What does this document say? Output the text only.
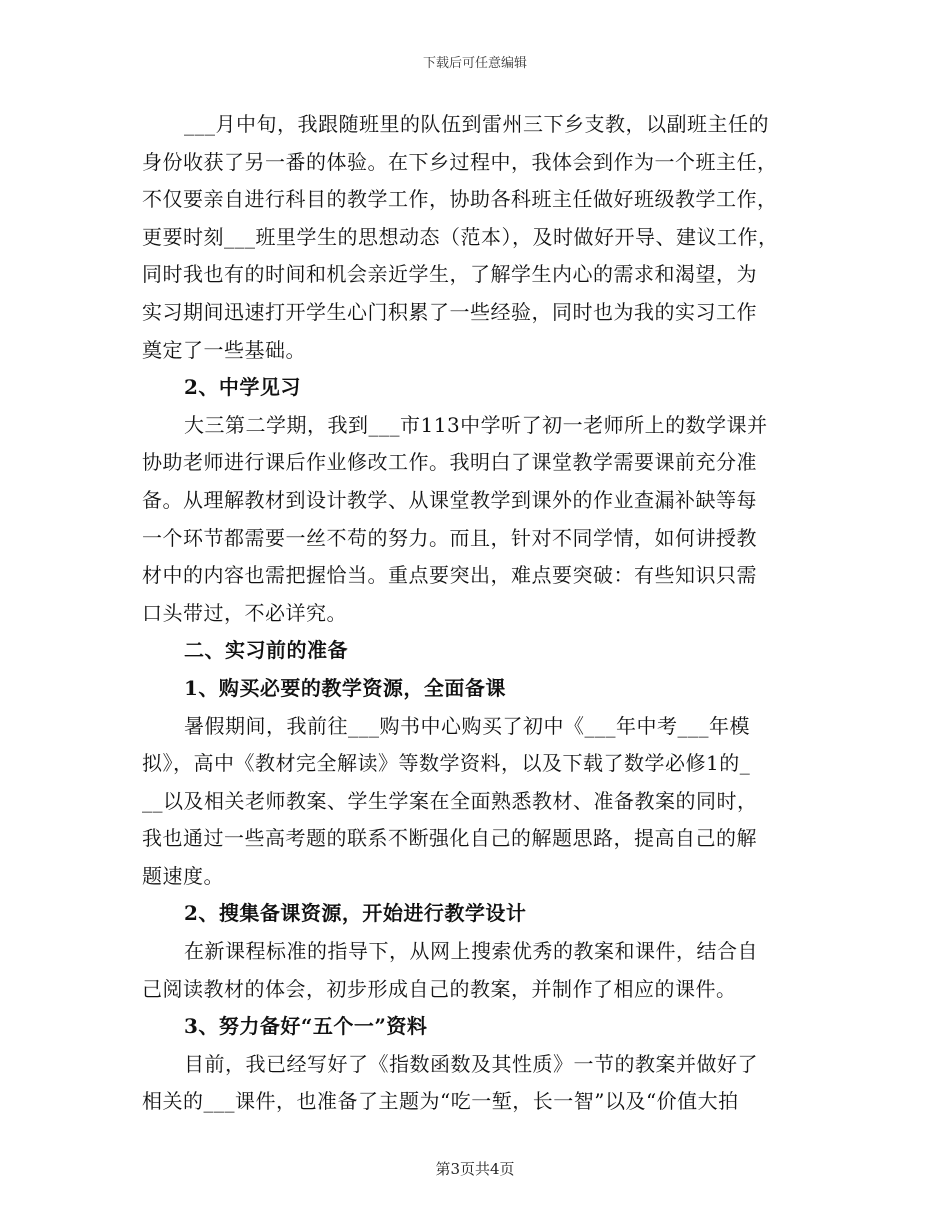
下载后可任意编辑
___月中旬，我跟随班里的队伍到雷州三下乡支教，以副班主任的
身份收获了另一番的体验。在下乡过程中，我体会到作为一个班主任，
不仅要亲自进行科目的教学工作，协助各科班主任做好班级教学工作，
更要时刻___班里学生的思想动态（范本），及时做好开导、建议工作，
同时我也有的时间和机会亲近学生，了解学生内心的需求和渴望，为
实习期间迅速打开学生心门积累了一些经验，同时也为我的实习工作
奠定了一些基础。
2、中学见习
大三第二学期，我到___市113中学听了初一老师所上的数学课并
协助老师进行课后作业修改工作。我明白了课堂教学需要课前充分准
备。从理解教材到设计教学、从课堂教学到课外的作业查漏补缺等每
一个环节都需要一丝不苟的努力。而且，针对不同学情，如何讲授教
材中的内容也需把握恰当。重点要突出，难点要突破：有些知识只需
口头带过，不必详究。
二、实习前的准备
1、购买必要的教学资源，全面备课
暑假期间，我前往___购书中心购买了初中《___年中考___年模
拟》，高中《教材完全解读》等数学资料，以及下载了数学必修1的_
__以及相关老师教案、学生学案在全面熟悉教材、准备教案的同时，
我也通过一些高考题的联系不断强化自己的解题思路，提高自己的解
题速度。
2、搜集备课资源，开始进行教学设计
在新课程标准的指导下，从网上搜索优秀的教案和课件，结合自
己阅读教材的体会，初步形成自己的教案，并制作了相应的课件。
3、努力备好“五个一”资料
目前，我已经写好了《指数函数及其性质》一节的教案并做好了
相关的___课件，也准备了主题为“吃一堑，长一智”以及“价值大拍
第3页共4页
